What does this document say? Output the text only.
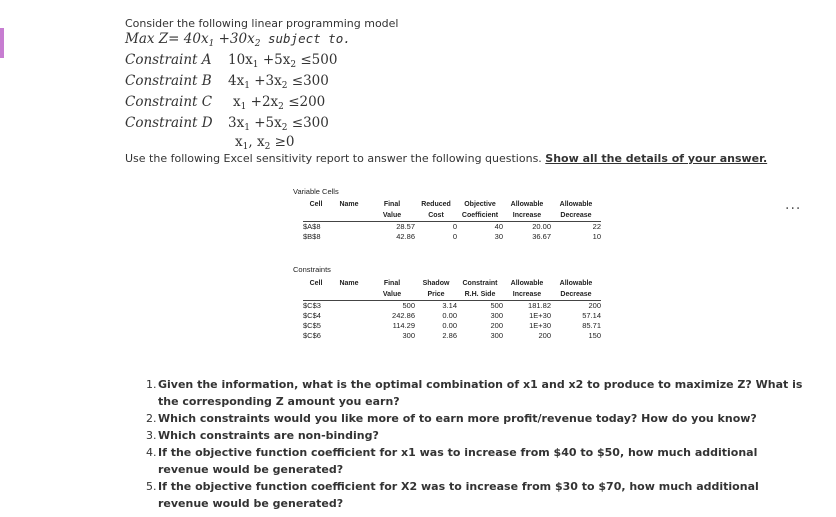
Consider the following linear programming model
Max $Z= 40x_1 +30x_2$ subject to.
Constraint A $10x_1 +5x_2 \le 500$
Constraint B $4x_1 +3x_2 \le 300$
Constraint C $x_1 +2x_2 \le 200$
Constraint D $3x_1 +5x_2 \le 300$
$x_1$, $x_2 \ge 0$
Use the following Excel sensitivity report to answer the following questions. Show all the details of your answer.
Variable Cells
Cell	Name	Final	Reduced	Objective	Allowable	Allowable
		Value	Cost	Coefficient	Increase	Decrease
$A$8		28.57	0	40	20.00	22
$B$8		42.86	0	30	36.67	10
Constraints
Cell	Name	Final	Shadow	Constraint	Allowable	Allowable
		Value	Price	R.H. Side	Increase	Decrease
$C$3		500	3.14	500	181.82	200
$C$4		242.86	0.00	300	1E+30	57.14
$C$5		114.29	0.00	200	1E+30	85.71
$C$6		300	2.86	300	200	150
...
1. Given the information, what is the optimal combination of x1 and x2 to produce to maximize Z? What is the corresponding Z amount you earn?
2. Which constraints would you like more of to earn more profit/revenue today? How do you know?
3. Which constraints are non-binding?
4. If the objective function coefficient for x1 was to increase from $40 to $50, how much additional revenue would be generated?
5. If the objective function coefficient for X2 was to increase from $30 to $70, how much additional revenue would be generated?
